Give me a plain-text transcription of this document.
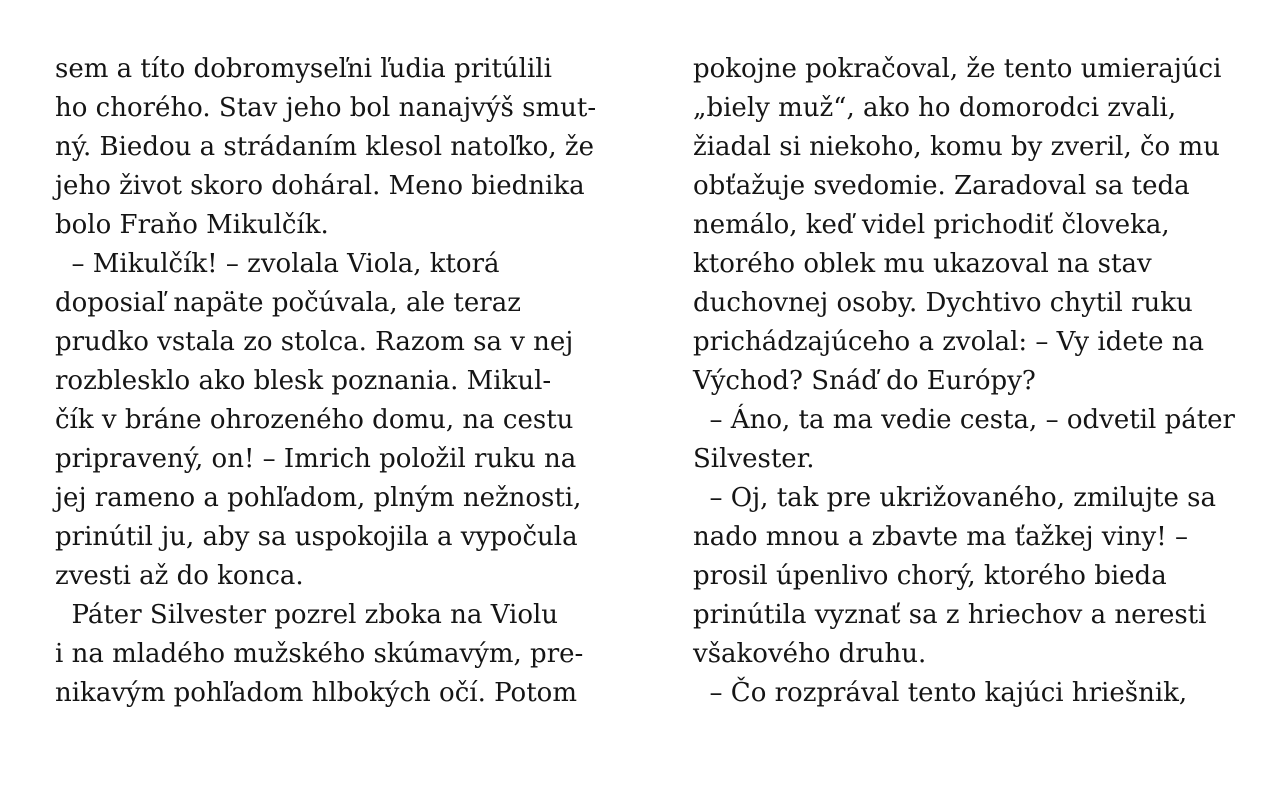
sem a títo dobromyseľni ľudia pritúlili
ho chorého. Stav jeho bol nanajvýš smut-
ný. Biedou a strádaním klesol natoľko, že
jeho život skoro doháral. Meno biednika
bolo Fraňo Mikulčík.
– Mikulčík! – zvolala Viola, ktorá
doposiaľ napäte počúvala, ale teraz
prudko vstala zo stolca. Razom sa v nej
rozblesklo ako blesk poznania. Mikul-
čík v bráne ohrozeného domu, na cestu
pripravený, on! – Imrich položil ruku na
jej rameno a pohľadom, plným nežnosti,
prinútil ju, aby sa uspokojila a vypočula
zvesti až do konca.
Páter Silvester pozrel zboka na Violu
i na mladého mužského skúmavým, pre-
nikavým pohľadom hlbokých očí. Potom
pokojne pokračoval, že tento umierajúci
„biely muž“, ako ho domorodci zvali,
žiadal si niekoho, komu by zveril, čo mu
obťažuje svedomie. Zaradoval sa teda
nemálo, keď videl prichodiť človeka,
ktorého oblek mu ukazoval na stav
duchovnej osoby. Dychtivo chytil ruku
prichádzajúceho a zvolal: – Vy idete na
Východ? Snáď do Európy?
– Áno, ta ma vedie cesta, – odvetil páter
Silvester.
– Oj, tak pre ukrižovaného, zmilujte sa
nado mnou a zbavte ma ťažkej viny! –
prosil úpenlivo chorý, ktorého bieda
prinútila vyznať sa z hriechov a neresti
všakového druhu.
– Čo rozprával tento kajúci hriešnik,
